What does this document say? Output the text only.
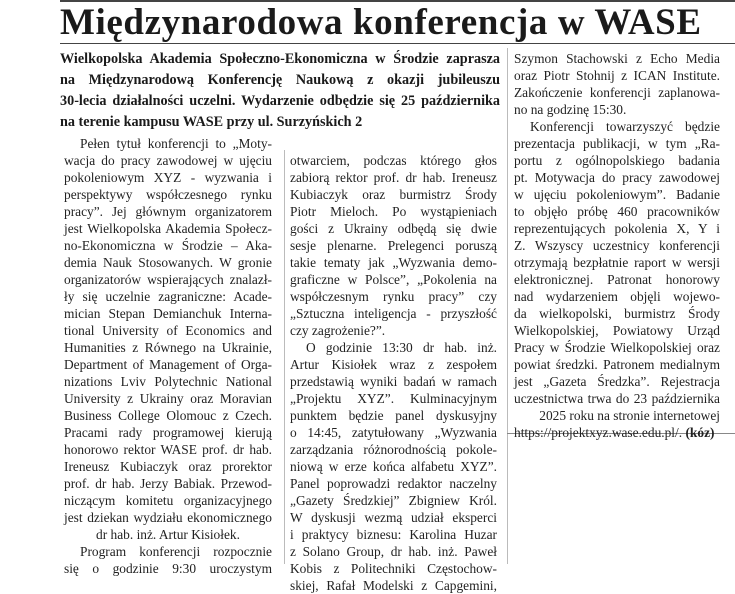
Międzynarodowa konferencja w WASE
Wielkopolska Akademia Społeczno-Ekonomiczna w Środzie zaprasza
na Międzynarodową Konferencję Naukową z okazji jubileuszu
30-lecia działalności uczelni. Wydarzenie odbędzie się 25 października
na terenie kampusu WASE przy ul. Surzyńskich 2
Pełen tytuł konferencji to „Moty-
wacja do pracy zawodowej w ujęciu
pokoleniowym XYZ - wyzwania i
perspektywy współczesnego rynku
pracy”. Jej głównym organizatorem
jest Wielkopolska Akademia Społecz-
no-Ekonomiczna w Środzie – Aka-
demia Nauk Stosowanych. W gronie
organizatorów wspierających znalazł-
ły się uczelnie zagraniczne: Acade-
mician Stepan Demianchuk Interna-
tional University of Economics and
Humanities z Równego na Ukrainie,
Department of Management of Orga-
nizations Lviv Polytechnic National
University z Ukrainy oraz Moravian
Business College Olomouc z Czech.
Pracami rady programowej kierują
honorowo rektor WASE prof. dr hab.
Ireneusz Kubiaczyk oraz prorektor
prof. dr hab. Jerzy Babiak. Przewod-
niczącym komitetu organizacyjnego
jest dziekan wydziału ekonomicznego
dr hab. inż. Artur Kisiołek.
Program konferencji rozpocznie
się o godzinie 9:30 uroczystym
otwarciem, podczas którego głos
zabiorą rektor prof. dr hab. Ireneusz
Kubiaczyk oraz burmistrz Środy
Piotr Mieloch. Po wystąpieniach
gości z Ukrainy odbędą się dwie
sesje plenarne. Prelegenci poruszą
takie tematy jak „Wyzwania demo-
graficzne w Polsce”, „Pokolenia na
współczesnym rynku pracy” czy
„Sztuczna inteligencja - przyszłość
czy zagrożenie?”.
O godzinie 13:30 dr hab. inż.
Artur Kisiołek wraz z zespołem
przedstawią wyniki badań w ramach
„Projektu XYZ”. Kulminacyjnym
punktem będzie panel dyskusyjny
o 14:45, zatytułowany „Wyzwania
zarządzania różnorodnością pokole-
niową w erze końca alfabetu XYZ”.
Panel poprowadzi redaktor naczelny
„Gazety Średzkiej” Zbigniew Król.
W dyskusji wezmą udział eksperci
i praktycy biznesu: Karolina Huzar
z Solano Group, dr hab. inż. Paweł
Kobis z Politechniki Częstochow-
skiej, Rafał Modelski z Capgemini,
Szymon Stachowski z Echo Media
oraz Piotr Stohnij z ICAN Institute.
Zakończenie konferencji zaplanowa-
no na godzinę 15:30.
Konferencji towarzyszyć będzie
prezentacja publikacji, w tym „Ra-
portu z ogólnopolskiego badania
pt. Motywacja do pracy zawodowej
w ujęciu pokoleniowym”. Badanie
to objęło próbę 460 pracowników
reprezentujących pokolenia X, Y i
Z. Wszyscy uczestnicy konferencji
otrzymają bezpłatnie raport w wersji
elektronicznej. Patronat honorowy
nad wydarzeniem objęli wojewo-
da wielkopolski, burmistrz Środy
Wielkopolskiej, Powiatowy Urząd
Pracy w Środzie Wielkopolskiej oraz
powiat średzki. Patronem medialnym
jest „Gazeta Średzka”. Rejestracja
uczestnictwa trwa do 23 października
2025 roku na stronie internetowej
https://projektxyz.wase.edu.pl/. (kóz)
